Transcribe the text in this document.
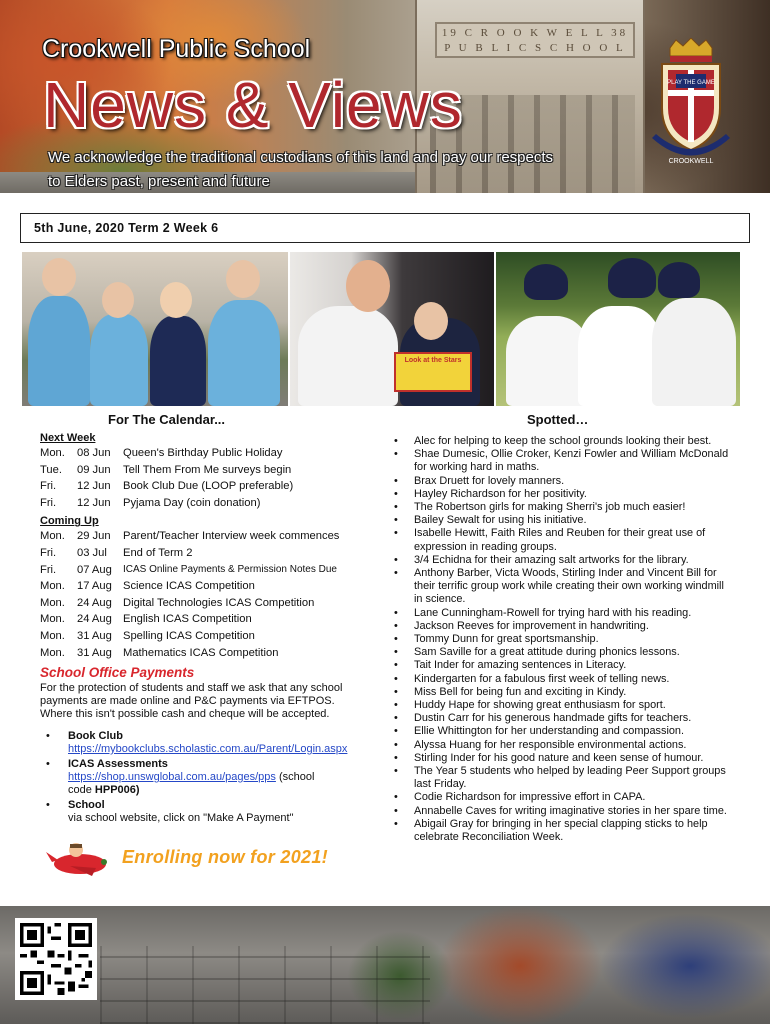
19 C R O O K W E L L 38
P U B L I C S C H O O L
PLAY THE GAME
CROOKWELL
Crookwell Public School
News & Views
We acknowledge the traditional custodians of this land and pay our respects
to Elders past, present and future
5th June, 2020 Term 2 Week 6
Look at the Stars
For The Calendar...
Next Week
Mon.	08 Jun	Queen's Birthday Public Holiday
Tue.	09 Jun	Tell Them From Me surveys begin
Fri.	12 Jun	Book Club Due (LOOP preferable)
Fri.	12 Jun	Pyjama Day (coin donation)
Coming Up
Mon.	29 Jun	Parent/Teacher Interview week commences
Fri.	03 Jul	End of Term 2
Fri.	07 Aug	ICAS Online Payments & Permission Notes Due
Mon.	17 Aug Science ICAS Competition
Mon.	24 Aug Digital Technologies ICAS Competition
Mon.	24 Aug English ICAS Competition
Mon.	31 Aug Spelling ICAS Competition
Mon.	31 Aug Mathematics ICAS Competition
School Office Payments
For the protection of students and staff we ask that any school payments are made online and P&C payments via EFTPOS. Where this isn't possible cash and cheque will be accepted.
• Book Club
https://mybookclubs.scholastic.com.au/Parent/Login.aspx
• ICAS Assessments
https://shop.unswglobal.com.au/pages/pps (school
code HPP006)
• School
via school website, click on "Make A Payment"
Enrolling now for 2021!
Spotted…
• Alec for helping to keep the school grounds looking their best.
• Shae Dumesic, Ollie Croker, Kenzi Fowler and William McDonald for working hard in maths.
• Brax Druett for lovely manners.
• Hayley Richardson for her positivity.
• The Robertson girls for making Sherri's job much easier!
• Bailey Sewalt for using his initiative.
• Isabelle Hewitt, Faith Riles and Reuben for their great use of expression in reading groups.
• 3/4 Echidna for their amazing salt artworks for the library.
• Anthony Barber, Victa Woods, Stirling Inder and Vincent Bill for their terrific group work while creating their own working windmill in science.
• Lane Cunningham-Rowell for trying hard with his reading.
• Jackson Reeves for improvement in handwriting.
• Tommy Dunn for great sportsmanship.
• Sam Saville for a great attitude during phonics lessons.
• Tait Inder for amazing sentences in Literacy.
• Kindergarten for a fabulous first week of telling news.
• Miss Bell for being fun and exciting in Kindy.
• Huddy Hape for showing great enthusiasm for sport.
• Dustin Carr for his generous handmade gifts for teachers.
• Ellie Whittington for her understanding and compassion.
• Alyssa Huang for her responsible environmental actions.
• Stirling Inder for his good nature and keen sense of humour.
• The Year 5 students who helped by leading Peer Support groups last Friday.
• Codie Richardson for impressive effort in CAPA.
• Annabelle Caves for writing imaginative stories in her spare time.
• Abigail Gray for bringing in her special clapping sticks to help celebrate Reconciliation Week.
